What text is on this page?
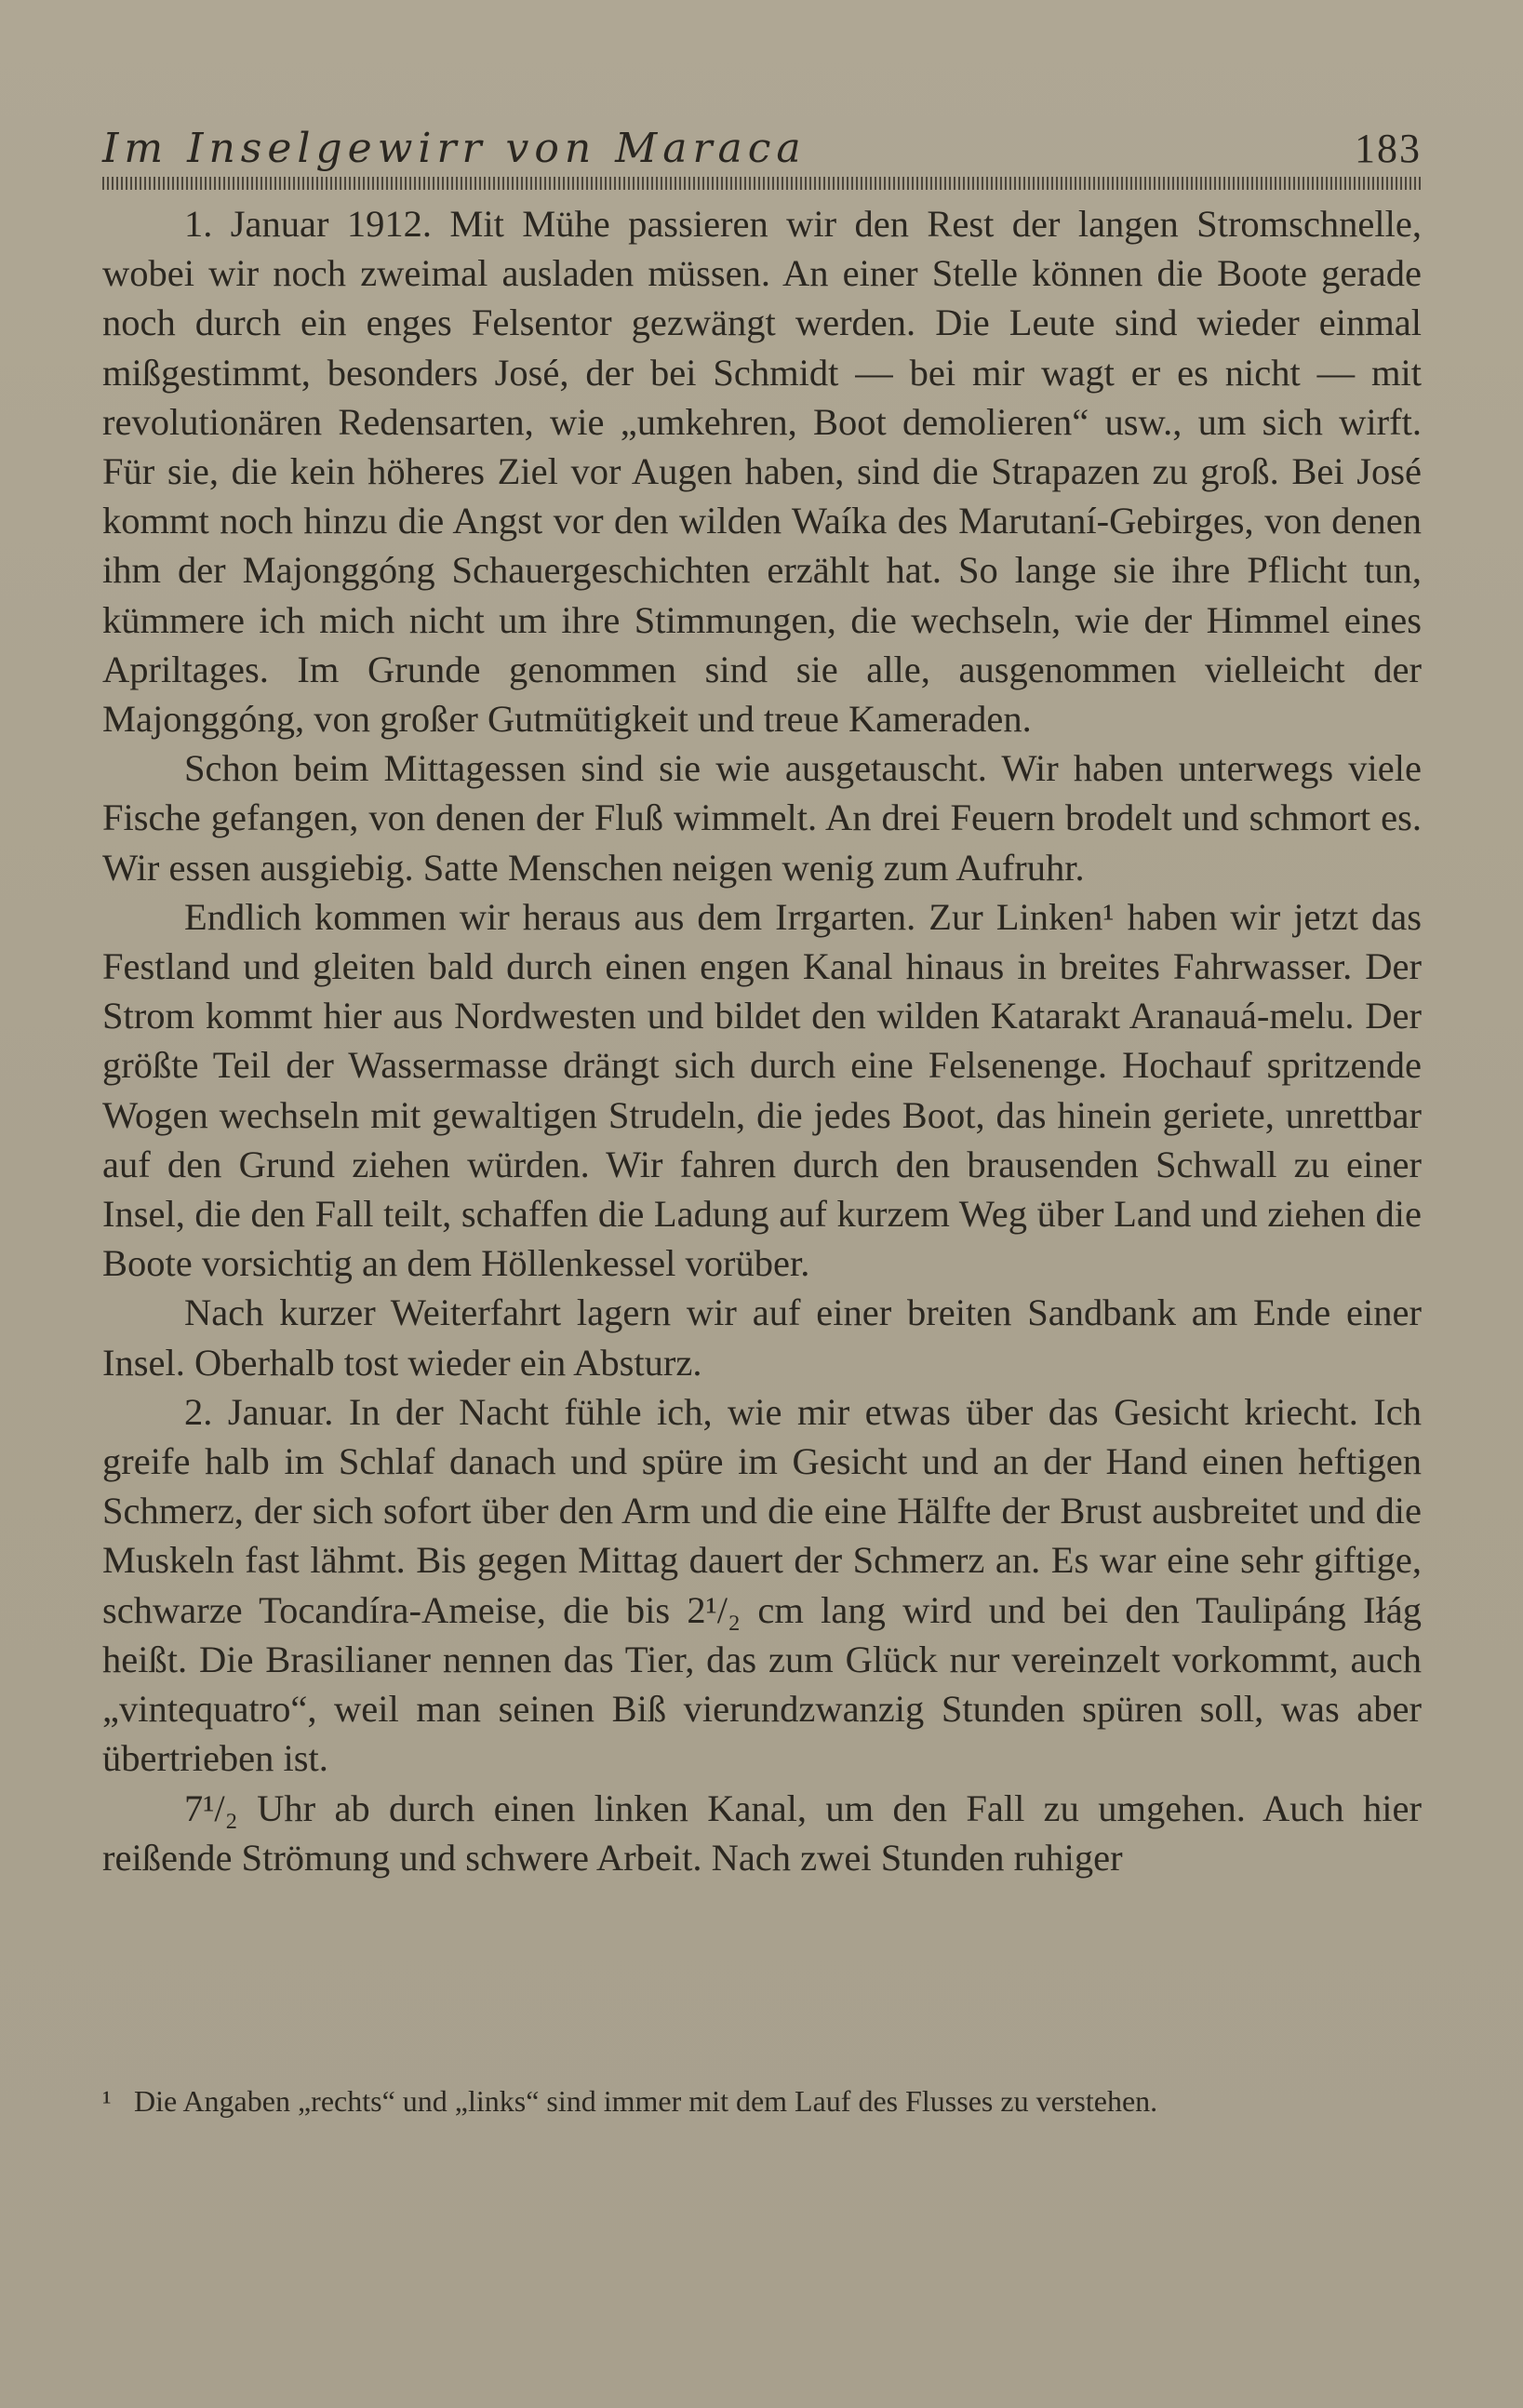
Im Inselgewirr von Maraca	183

1. Januar 1912. Mit Mühe passieren wir den Rest der langen Stromschnelle, wobei wir noch zweimal ausladen müssen. An einer Stelle können die Boote gerade noch durch ein enges Felsentor gezwängt werden. Die Leute sind wieder einmal mißgestimmt, besonders José, der bei Schmidt — bei mir wagt er es nicht — mit revolutionären Redensarten, wie „umkehren, Boot demolieren“ usw., um sich wirft. Für sie, die kein höheres Ziel vor Augen haben, sind die Strapazen zu groß. Bei José kommt noch hinzu die Angst vor den wilden Waíka des Marutaní-Gebirges, von denen ihm der Majonggóng Schauergeschichten erzählt hat. So lange sie ihre Pflicht tun, kümmere ich mich nicht um ihre Stimmungen, die wechseln, wie der Himmel eines Apriltages. Im Grunde genommen sind sie alle, ausgenommen vielleicht der Majonggóng, von großer Gutmütigkeit und treue Kameraden.

Schon beim Mittagessen sind sie wie ausgetauscht. Wir haben unterwegs viele Fische gefangen, von denen der Fluß wimmelt. An drei Feuern brodelt und schmort es. Wir essen ausgiebig. Satte Menschen neigen wenig zum Aufruhr.

Endlich kommen wir heraus aus dem Irrgarten. Zur Linken¹ haben wir jetzt das Festland und gleiten bald durch einen engen Kanal hinaus in breites Fahrwasser. Der Strom kommt hier aus Nordwesten und bildet den wilden Katarakt Aranauá-melu. Der größte Teil der Wassermasse drängt sich durch eine Felsenenge. Hochauf spritzende Wogen wechseln mit gewaltigen Strudeln, die jedes Boot, das hinein geriete, unrettbar auf den Grund ziehen würden. Wir fahren durch den brausenden Schwall zu einer Insel, die den Fall teilt, schaffen die Ladung auf kurzem Weg über Land und ziehen die Boote vorsichtig an dem Höllenkessel vorüber.

Nach kurzer Weiterfahrt lagern wir auf einer breiten Sandbank am Ende einer Insel. Oberhalb tost wieder ein Absturz.

2. Januar. In der Nacht fühle ich, wie mir etwas über das Gesicht kriecht. Ich greife halb im Schlaf danach und spüre im Gesicht und an der Hand einen heftigen Schmerz, der sich sofort über den Arm und die eine Hälfte der Brust ausbreitet und die Muskeln fast lähmt. Bis gegen Mittag dauert der Schmerz an. Es war eine sehr giftige, schwarze Tocandíra-Ameise, die bis 2¹/₂ cm lang wird und bei den Taulipáng Iłág heißt. Die Brasilianer nennen das Tier, das zum Glück nur vereinzelt vorkommt, auch „vintequatro“, weil man seinen Biß vierundzwanzig Stunden spüren soll, was aber übertrieben ist.

7¹/₂ Uhr ab durch einen linken Kanal, um den Fall zu umgehen. Auch hier reißende Strömung und schwere Arbeit. Nach zwei Stunden ruhiger

¹ Die Angaben „rechts“ und „links“ sind immer mit dem Lauf des Flusses zu verstehen.
